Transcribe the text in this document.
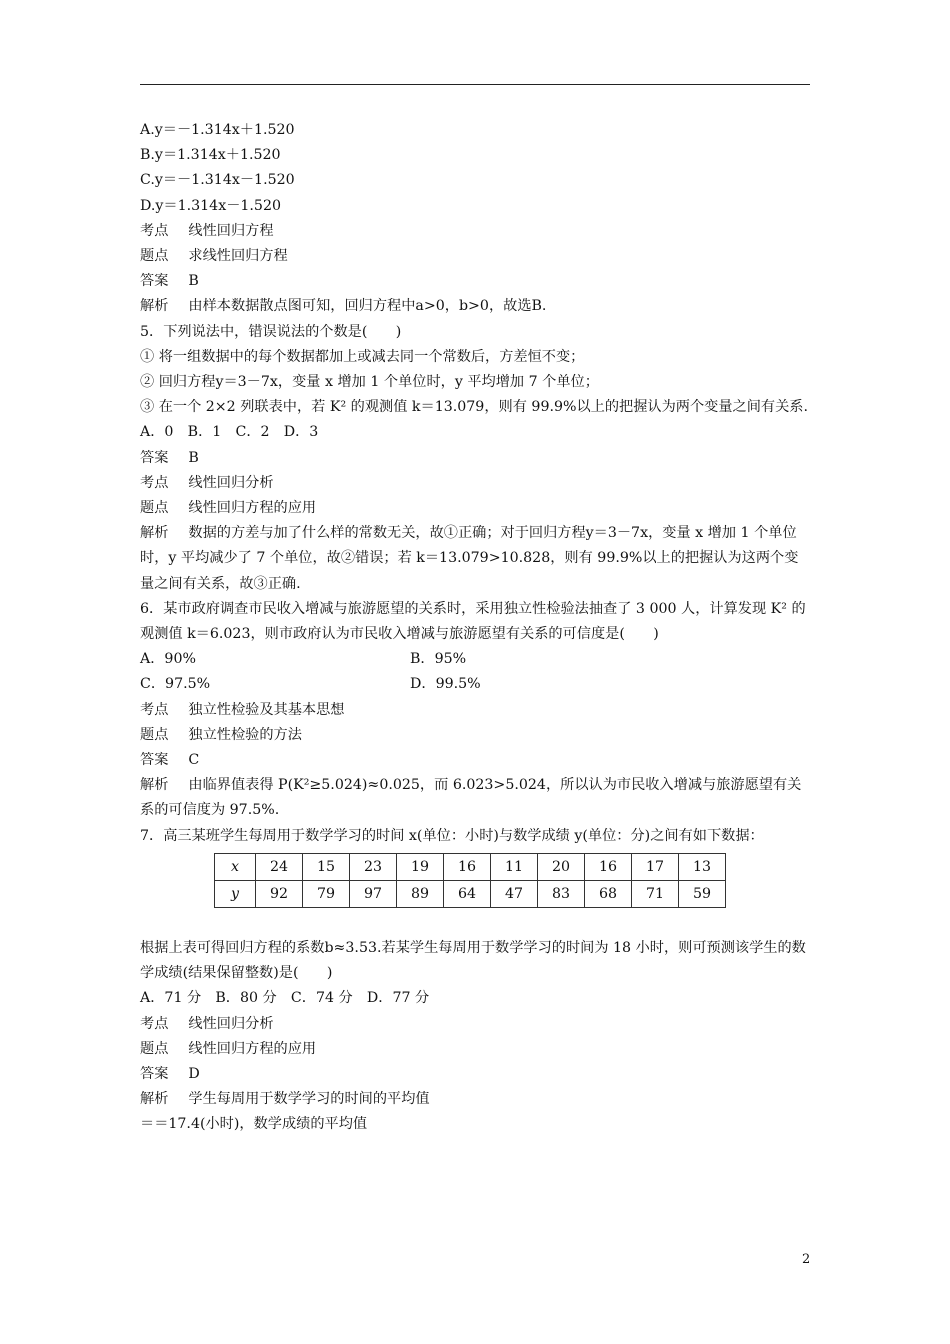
A.y＝－1.314x＋1.520
B.y＝1.314x＋1.520
C.y＝－1.314x－1.520
D.y＝1.314x－1.520
考点 线性回归方程
题点 求线性回归方程
答案 B
解析 由样本数据散点图可知，回归方程中a>0，b>0，故选B.
5．下列说法中，错误说法的个数是(　　)
① 将一组数据中的每个数据都加上或减去同一个常数后，方差恒不变；
② 回归方程y＝3－7x，变量 x 增加 1 个单位时，y 平均增加 7 个单位；
③ 在一个 2×2 列联表中，若 K² 的观测值 k＝13.079，则有 99.9%以上的把握认为两个变量之间有关系.
A．0　B．1　C．2　D．3
答案 B
考点 线性回归分析
题点 线性回归方程的应用
解析 数据的方差与加了什么样的常数无关，故①正确；对于回归方程y＝3－7x，变量 x 增加 1 个单位时，y 平均减少了 7 个单位，故②错误；若 k＝13.079>10.828，则有 99.9%以上的把握认为这两个变量之间有关系，故③正确.
6．某市政府调查市民收入增减与旅游愿望的关系时，采用独立性检验法抽查了 3 000 人，计算发现 K² 的观测值 k＝6.023，则市政府认为市民收入增减与旅游愿望有关系的可信度是(　　)
A．90%	B．95%
C．97.5%	D．99.5%
考点 独立性检验及其基本思想
题点 独立性检验的方法
答案 C
解析 由临界值表得 P(K²≥5.024)≈0.025，而 6.023>5.024，所以认为市民收入增减与旅游愿望有关系的可信度为 97.5%.
7．高三某班学生每周用于数学学习的时间 x(单位：小时)与数学成绩 y(单位：分)之间有如下数据：
x	24	15	23	19	16	11	20	16	17	13
y	92	79	97	89	64	47	83	68	71	59
根据上表可得回归方程的系数b≈3.53.若某学生每周用于数学学习的时间为 18 小时，则可预测该学生的数学成绩(结果保留整数)是(　　)
A．71 分　B．80 分　C．74 分　D．77 分
考点 线性回归分析
题点 线性回归方程的应用
答案 D
解析 学生每周用于数学学习的时间的平均值
＝＝17.4(小时)，数学成绩的平均值
2
